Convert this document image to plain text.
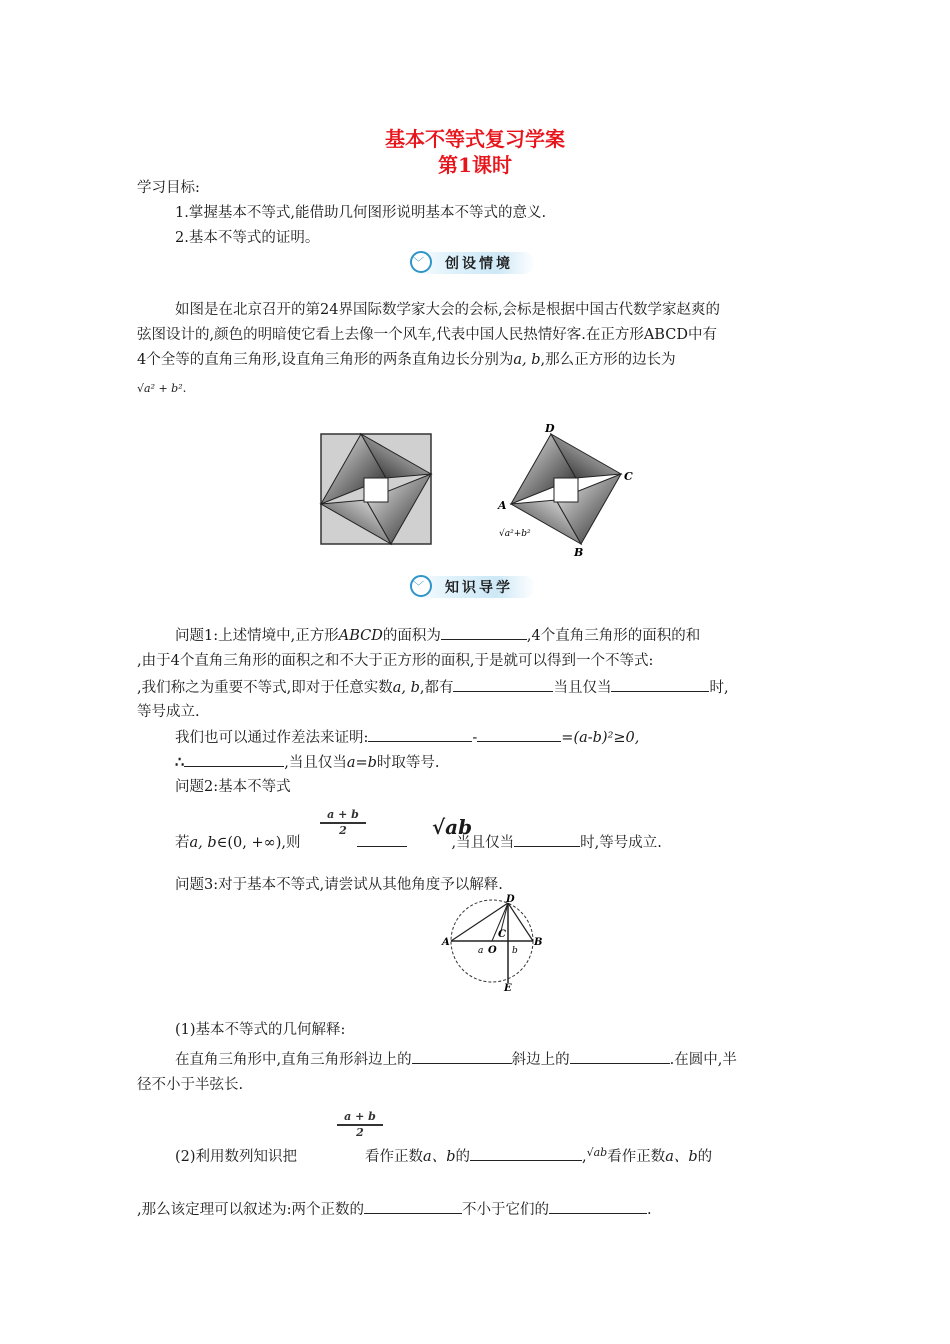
基本不等式复习学案
第1课时
学习目标:
1.掌握基本不等式,能借助几何图形说明基本不等式的意义.
2.基本不等式的证明。
﹀ 创设情境
如图是在北京召开的第24界国际数学家大会的会标,会标是根据中国古代数学家赵爽的
弦图设计的,颜色的明暗使它看上去像一个风车,代表中国人民热情好客.在正方形ABCD中有
4个全等的直角三角形,设直角三角形的两条直角边长分别为a, b,那么正方形的边长为
√a² + b².
D
C
A
B
√a²+b²
﹀ 知识导学
问题1:上述情境中,正方形ABCD的面积为	,4个直角三角形的面积的和
,由于4个直角三角形的面积之和不大于正方形的面积,于是就可以得到一个不等式:
,我们称之为重要不等式,即对于任意实数a, b,都有	当且仅当	时,
等号成立.
我们也可以通过作差法来证明:	-	=(a-b)²≥0,
∴	,当且仅当a=b时取等号.
问题2:基本不等式
$\frac{a + b}{2}$	√ab
若a, b∈(0, +∞),则	,当且仅当	时,等号成立.
问题3:对于基本不等式,请尝试从其他角度予以解释.
D
A	B
C
O
a	b
E
(1)基本不等式的几何解释:
在直角三角形中,直角三角形斜边上的	斜边上的	.在圆中,半
径不小于半弦长.
$\frac{a + b}{2}$
(2)利用数列知识把	看作正数a、b的	,$^{√ab}$看作正数a、b的
,那么该定理可以叙述为:两个正数的	不小于它们的	.
